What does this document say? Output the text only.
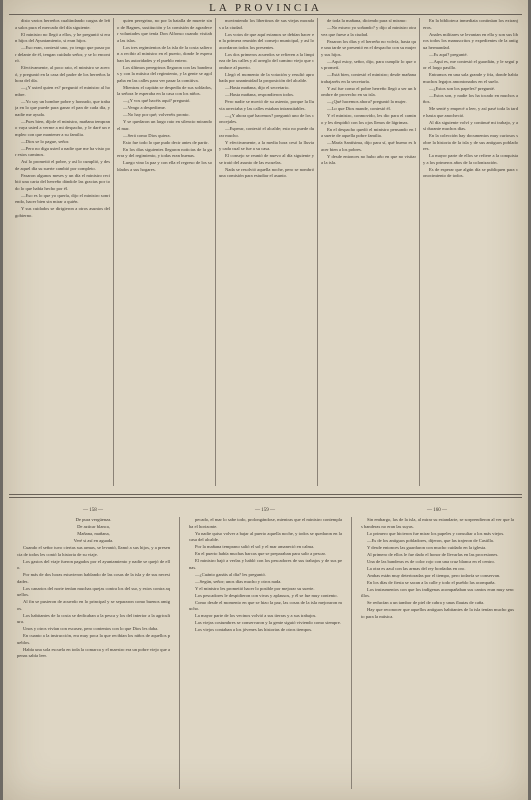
LA PROVINCIA

disto varios herreños cualtindando cargas de leña salos pura el mercado del día siguiente.

El ministro no llegó a ellos, y he preguntó si eran hijos del Ayuntamiento, si eran hijos.

—Eso eran, contestó uno, yo tengo que pasar por delante de él, tengan cuidado señor, y se lo encontró.

Efectivamente, al poco rato, el ministro se acercó, y preguntó en la casa del padre de los herreños la hora del día.

—¿Y usted quien es? preguntó el ministro al hombre.

—Yo soy un hombre pobre y honrado, que trabaja en lo que puede para ganar el pan de cada día, y nadie me ayuda.

—Pues bien, díjole el ministro, mañana temprano vaya usted a verme a mi despacho, y le daré un empleo con que mantener a su familia.

—Dios se lo pague, señor.

—Pero no diga usted a nadie que me ha visto por estos caminos.

Así lo prometió el pobre, y así lo cumplió, y desde aquel día su suerte cambió por completo.

Pasaron algunos meses y un día el ministro recibió una carta del herreño dándole las gracias por todo lo que había hecho por él.

—Eso es lo que yo quería, dijo el ministro sonriendo, hacer bien sin mirar a quién.

Y sus cuidados se dirigieron a otros asuntos del gobierno.

quien peregrino, no por la batalla de muerte sino de Bagnes, sustitución y la comisión de agradecer voluntades que tenía Don Alfonso cuando visitaba las islas.

Los tres regimientos de la isla de la costa salieron a recibir al ministro en el puerto, donde le esperaban las autoridades y el pueblo entero.

Los últimos peregrinos llegaron con las banderas y con la música del regimiento, y la gente se agolpaba en las calles para ver pasar la comitiva.

Mientras el capitán se despedía de sus soldados, la señora le esperaba en la casa con los niños.

—¿Y vos qué hacéis aquí? preguntó.

—Vengo a despedirme.

—No hay por qué; volveréis pronto.

Y se quedaron un largo rato en silencio mirando el mar.

—Será como Dios quiera.

Esto fue todo lo que pudo decir antes de partir.

En los días siguientes llegaron noticias de la guerra y del regimiento, y todas eran buenas.

Luego vino la paz y con ella el regreso de los soldados a sus hogares.

movimiendo los libertinos de sus viejas moradas a la ciudad.

Los votos de que aquí estamos se debían hacer en la primera reunión del consejo municipal, y así lo acordaron todos los presentes.

Los dos primeros acuerdos se refieren a la limpieza de las calles y al arreglo del camino viejo que conduce al puerto.

Llegó el momento de la votación y resultó aprobada por unanimidad la proposición del alcalde.

—Hasta mañana, dijo el secretario.

—Hasta mañana, respondieron todos.

Pero nadie se movió de su asiento, porque la lluvia arreciaba y las calles estaban intransitables.

—¿Y ahora qué hacemos? preguntó uno de los concejales.

—Esperar, contestó el alcalde; esto no puede durar mucho.

Y efectivamente, a la media hora cesó la lluvia y cada cual se fue a su casa.

El consejo se reunió de nuevo al día siguiente y se trató del asunto de las escuelas.

Nada se resolvió aquella noche, pero se nombró una comisión para estudiar el asunto.

de toda la mañana, diciendo para sí mismo:

—No estuvo yo soñando? y dijo al ministro otra vez que fuese a la ciudad.

Pasaron los días y el herreño no volvía, hasta que una tarde se presentó en el despacho con su mujer y sus hijos.

—Aquí estoy, señor, dijo, para cumplir lo que os prometí.

—Está bien, contestó el ministro; desde mañana trabajaréis en la secretaría.

Y así fue como el pobre herreño llegó a ser un hombre de provecho en su isla.

—¿Qué hacemos ahora? preguntó la mujer.

—Lo que Dios mande, contestó él.

Y el ministro, conmovido, les dio para el camino y les despidió con los ojos llenos de lágrimas.

En el despacho quedó el ministro pensando en la suerte de aquella pobre familia.

—María Santísima, dijo para sí, qué bueno es hacer bien a los pobres.

Y desde entonces no hubo año en que no visitara la isla.

En la biblioteca inmediata continúan los extranjeros.

Anales militares se levantan en ella y son sus libros todos los manuscritos y expedientes de la antigua hermandad.

—Es aquí? pregunté.

—Aquí es, me contestó el guardián, y le seguí por el largo pasillo.

Entramos en una sala grande y fría, donde había muchos legajos amontonados en el suelo.

—¿Estos son los papeles? pregunté.

—Estos son, y nadie los ha tocado en muchos años.

Me senté y empecé a leer, y así pasé toda la tarde hasta que anocheció.

Al día siguiente volví y continué mi trabajo, y así durante muchos días.

En la colección hay documentos muy curiosos sobre la historia de la isla y de sus antiguos pobladores.

La mayor parte de ellos se refiere a la conquista y a los primeros años de la colonización.

Es de esperar que algún día se publiquen para conocimiento de todos.

— 158 —	— 159 —	— 160 —

De pura vergüenza.

De azúcar blanca,

Mañana, mañana,

Veré si así en aguada.

Cuando el señor tuvo ciertas sus armas, se levantó, llamó a sus hijos, y a presencia de todos les contó la historia de su viaje.

Los gastos del viaje fueron pagados por el ayuntamiento y nadie se quejó de ello.

Por más de dos horas estuvieron hablando de las cosas de la isla y de sus necesidades.

Los canarios del norte tenían muchas quejas contra los del sur, y estos contra aquellos.

Al fin se pusieron de acuerdo en lo principal y se separaron como buenos amigos.

Los habitantes de la costa se dedicaban a la pesca y los del interior a la agricultura.

Unos y otros vivían con escasez, pero contentos con lo que Dios les daba.

En cuanto a la instrucción, era muy poca la que recibían los niños de aquellos pueblos.

Había una sola escuela en toda la comarca y el maestro era un pobre viejo que apenas sabía leer.

pecado, el mar lo sabe todo, prolongándose, mientras que el ministro contemplaba el horizonte.

Ya nadie quiso volver a bajar al puerto aquella noche, y todos se quedaron en la casa del alcalde.

Por la mañana temprano salió el sol y el mar amaneció en calma.

En el puerto había muchas barcas que se preparaban para salir a pescar.

El ministro bajó a verlas y habló con los pescadores de sus trabajos y de sus penas.

—¿Cuánto ganáis al día? les preguntó.

—Según, señor; unos días mucho y otros nada.

Y el ministro les prometió hacer lo posible por mejorar su suerte.

Los pescadores le despidieron con vivas y aplausos, y él se fue muy contento.

Como desde el momento en que se hizo la paz, las cosas de la isla mejoraron mucho.

La mayor parte de los vecinos volvió a sus tierras y a sus trabajos.

Las viejas costumbres se conservaron y la gente siguió viviendo como siempre.

Los viejos contaban a los jóvenes las historias de otros tiempos.

Sin embargo, las de la isla, al mirar su estandarte, se sorprendieron al ver que las banderas no eran las suyas.

Lo primero que hicieron fue mirar los papeles y consultar a los más viejos.

—Es de los antiguos pobladores, dijeron, que las trajeron de Castilla.

Y desde entonces las guardaron con mucho cuidado en la iglesia.

Al primero de ellos le fue dado el honor de llevarlas en las procesiones.

Una de las banderas es de color rojo con una cruz blanca en el centro.

La otra es azul con las armas del rey bordadas en oro.

Ambas están muy deterioradas por el tiempo, pero todavía se conservan.

En los días de fiesta se sacan a la calle y todo el pueblo las acompaña.

Los instrumentos con que los indígenas acompañaban sus cantos eran muy sencillos.

Se reducían a un tambor de piel de cabra y unas flautas de caña.

Hay que reconocer que aquellos antiguos habitantes de la isla tenían mucho gusto para la música.
